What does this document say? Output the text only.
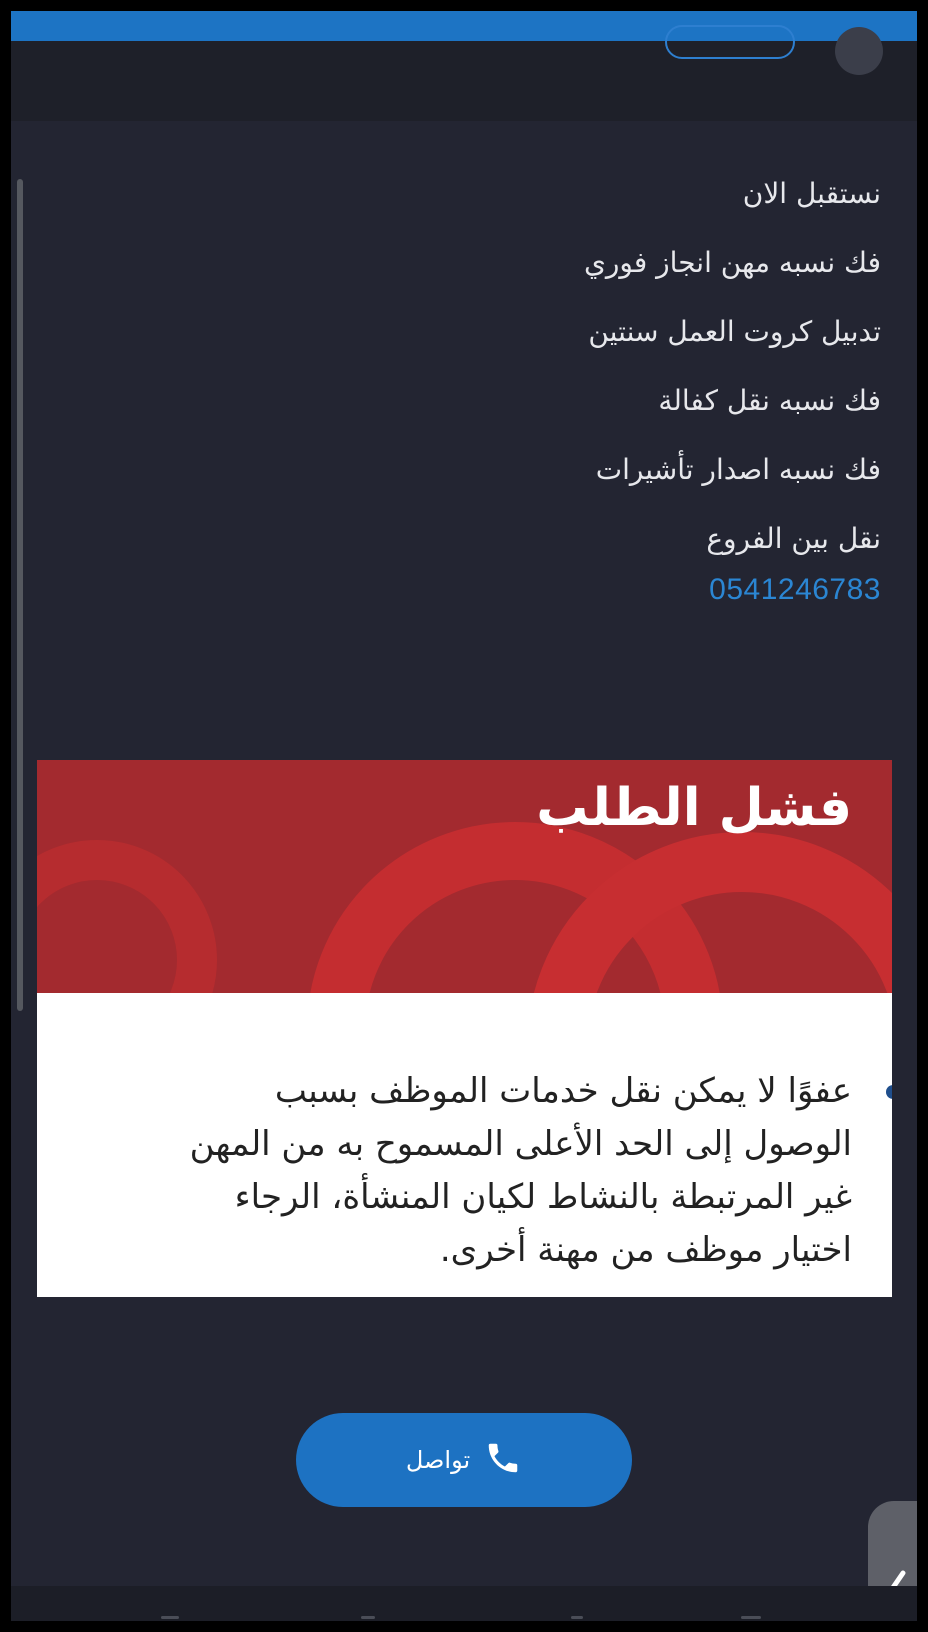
نستقبل الان
فك نسبه مهن انجاز فوري
تدبيل كروت العمل سنتين
فك نسبه نقل كفالة
فك نسبه اصدار تأشيرات
نقل بين الفروع
0541246783
فشل الطلب
عفوًا لا يمكن نقل خدمات الموظف بسبب الوصول إلى الحد الأعلى المسموح به من المهن غير المرتبطة بالنشاط لكيان المنشأة، الرجاء اختيار موظف من مهنة أخرى.
تواصل
